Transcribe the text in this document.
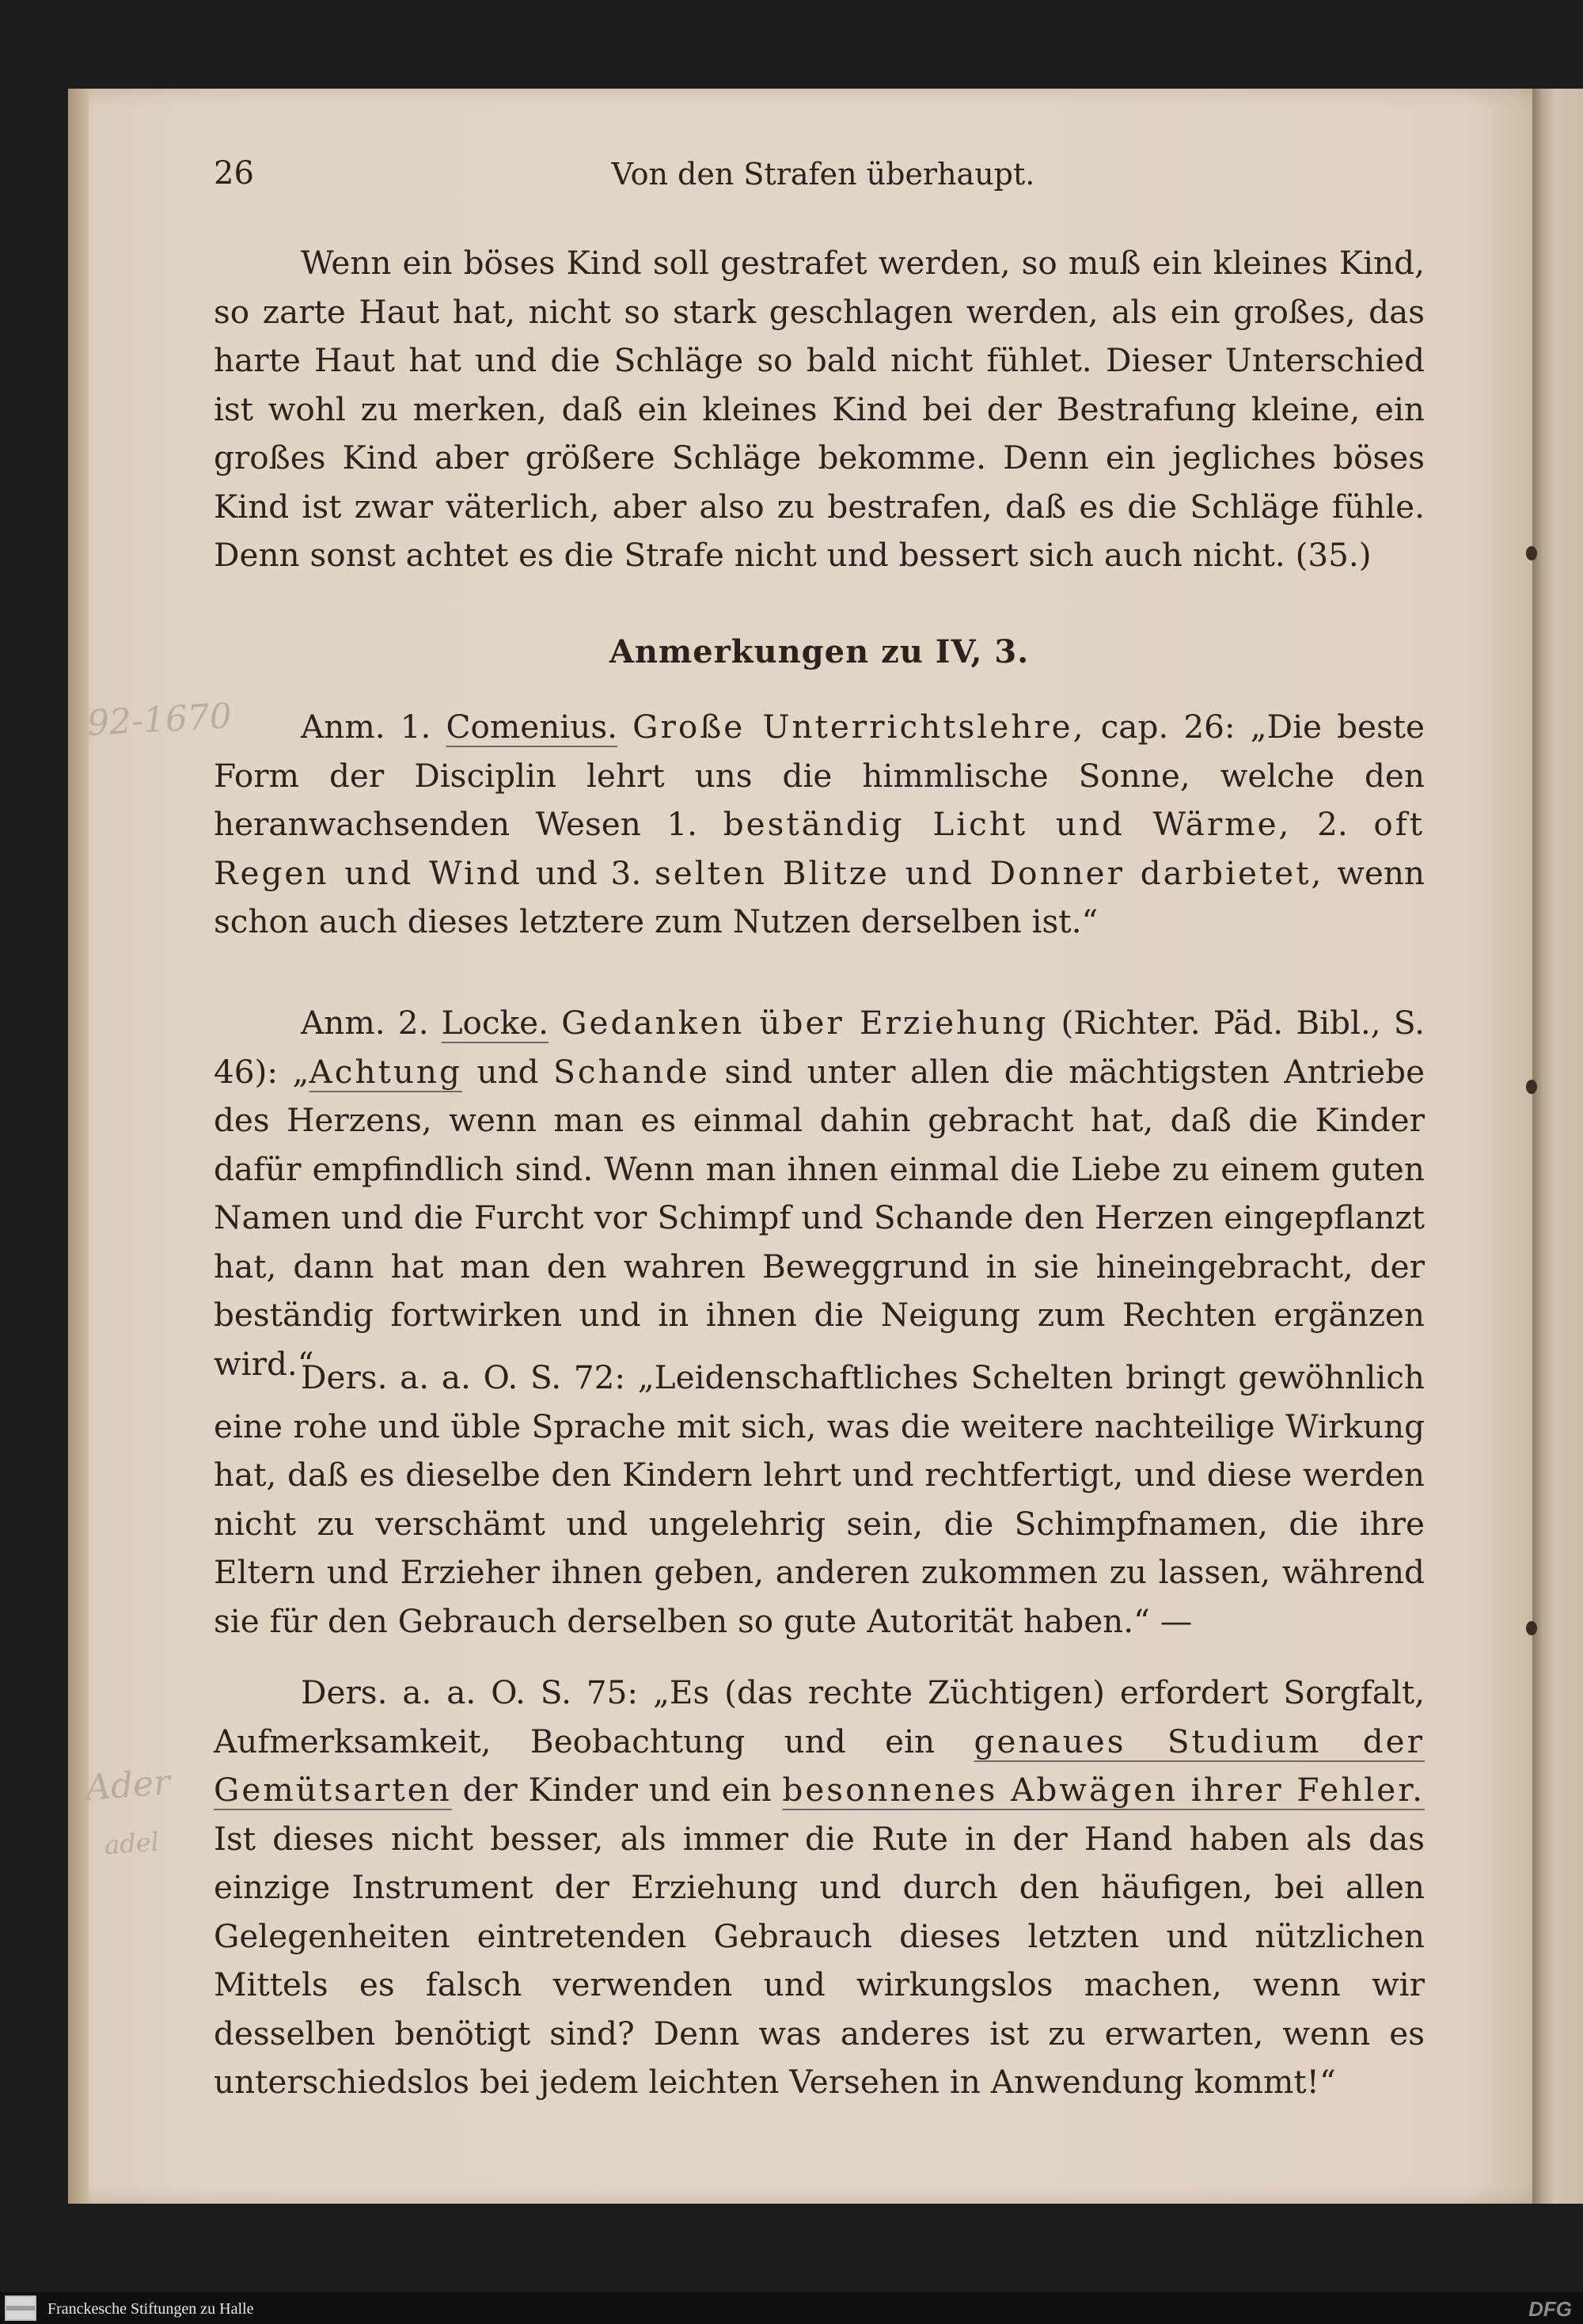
26	Von den Strafen überhaupt.

Wenn ein böses Kind soll gestrafet werden, so muß ein kleines Kind, so zarte Haut hat, nicht so stark geschlagen werden, als ein großes, das harte Haut hat und die Schläge so bald nicht fühlet. Dieser Unterschied ist wohl zu merken, daß ein kleines Kind bei der Bestrafung kleine, ein großes Kind aber größere Schläge bekomme. Denn ein jegliches böses Kind ist zwar väterlich, aber also zu bestrafen, daß es die Schläge fühle. Denn sonst achtet es die Strafe nicht und bessert sich auch nicht. (35.)

Anmerkungen zu IV, 3.

Anm. 1. Comenius. Große Unterrichtslehre, cap. 26: „Die beste Form der Disciplin lehrt uns die himmlische Sonne, welche den heranwachsenden Wesen 1. beständig Licht und Wärme, 2. oft Regen und Wind und 3. selten Blitze und Donner darbietet, wenn schon auch dieses letztere zum Nutzen derselben ist.“

Anm. 2. Locke. Gedanken über Erziehung (Richter. Päd. Bibl., S. 46): „Achtung und Schande sind unter allen die mächtigsten Antriebe des Herzens, wenn man es einmal dahin gebracht hat, daß die Kinder dafür empfindlich sind. Wenn man ihnen einmal die Liebe zu einem guten Namen und die Furcht vor Schimpf und Schande den Herzen eingepflanzt hat, dann hat man den wahren Beweggrund in sie hineingebracht, der beständig fortwirken und in ihnen die Neigung zum Rechten ergänzen wird.“

Ders. a. a. O. S. 72: „Leidenschaftliches Schelten bringt gewöhnlich eine rohe und üble Sprache mit sich, was die weitere nachteilige Wirkung hat, daß es dieselbe den Kindern lehrt und rechtfertigt, und diese werden nicht zu verschämt und ungelehrig sein, die Schimpfnamen, die ihre Eltern und Erzieher ihnen geben, anderen zukommen zu lassen, während sie für den Gebrauch derselben so gute Autorität haben.“ —

Ders. a. a. O. S. 75: „Es (das rechte Züchtigen) erfordert Sorgfalt, Aufmerksamkeit, Beobachtung und ein genaues Studium der Gemütsarten der Kinder und ein besonnenes Abwägen ihrer Fehler. Ist dieses nicht besser, als immer die Rute in der Hand haben als das einzige Instrument der Erziehung und durch den häufigen, bei allen Gelegenheiten eintretenden Gebrauch dieses letzten und nützlichen Mittels es falsch verwenden und wirkungslos machen, wenn wir desselben benötigt sind? Denn was anderes ist zu erwarten, wenn es unterschiedslos bei jedem leichten Versehen in Anwendung kommt!“

92-1670
Ader
adel
Franckesche Stiftungen zu Halle	DFG
